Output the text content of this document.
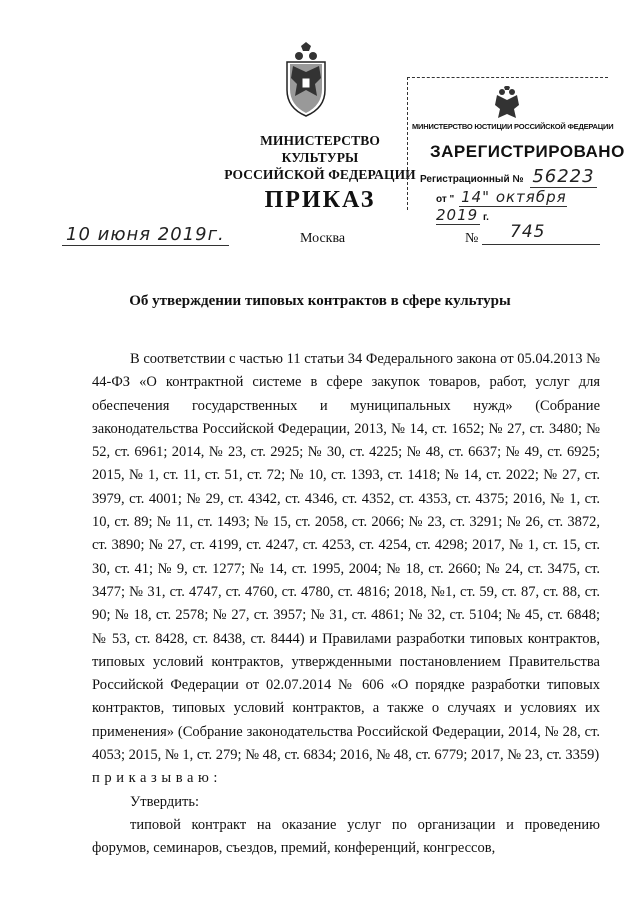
МИНИСТЕРСТВО КУЛЬТУРЫ
РОССИЙСКОЙ ФЕДЕРАЦИИ
ПРИКАЗ
МИНИСТЕРСТВО ЮСТИЦИИ РОССИЙСКОЙ ФЕДЕРАЦИИ
ЗАРЕГИСТРИРОВАНО
Регистрационный № 56223
от " 14" октября 2019 г.
10 июня 2019г.	Москва	№ 745
Об утверждении типовых контрактов в сфере культуры

В соответствии с частью 11 статьи 34 Федерального закона от 05.04.2013 № 44-ФЗ «О контрактной системе в сфере закупок товаров, работ, услуг для обеспечения государственных и муниципальных нужд» (Собрание законодательства Российской Федерации, 2013, № 14, ст. 1652; № 27, ст. 3480; № 52, ст. 6961; 2014, № 23, ст. 2925; № 30, ст. 4225; № 48, ст. 6637; № 49, ст. 6925; 2015, № 1, ст. 11, ст. 51, ст. 72; № 10, ст. 1393, ст. 1418; № 14, ст. 2022; № 27, ст. 3979, ст. 4001; № 29, ст. 4342, ст. 4346, ст. 4352, ст. 4353, ст. 4375; 2016, № 1, ст. 10, ст. 89; № 11, ст. 1493; № 15, ст. 2058, ст. 2066; № 23, ст. 3291; № 26, ст. 3872, ст. 3890; № 27, ст. 4199, ст. 4247, ст. 4253, ст. 4254, ст. 4298; 2017, № 1, ст. 15, ст. 30, ст. 41; № 9, ст. 1277; № 14, ст. 1995, 2004; № 18, ст. 2660; № 24, ст. 3475, ст. 3477; № 31, ст. 4747, ст. 4760, ст. 4780, ст. 4816; 2018, №1, ст. 59, ст. 87, ст. 88, ст. 90; № 18, ст. 2578; № 27, ст. 3957; № 31, ст. 4861; № 32, ст. 5104; № 45, ст. 6848; № 53, ст. 8428, ст. 8438, ст. 8444) и Правилами разработки типовых контрактов, типовых условий контрактов, утвержденными постановлением Правительства Российской Федерации от 02.07.2014 № 606 «О порядке разработки типовых контрактов, типовых условий контрактов, а также о случаях и условиях их применения» (Собрание законодательства Российской Федерации, 2014, № 28, ст. 4053; 2015, № 1, ст. 279; № 48, ст. 6834; 2016, № 48, ст. 6779; 2017, № 23, ст. 3359)

приказываю:

Утвердить:

типовой контракт на оказание услуг по организации и проведению форумов, семинаров, съездов, премий, конференций, конгрессов,
